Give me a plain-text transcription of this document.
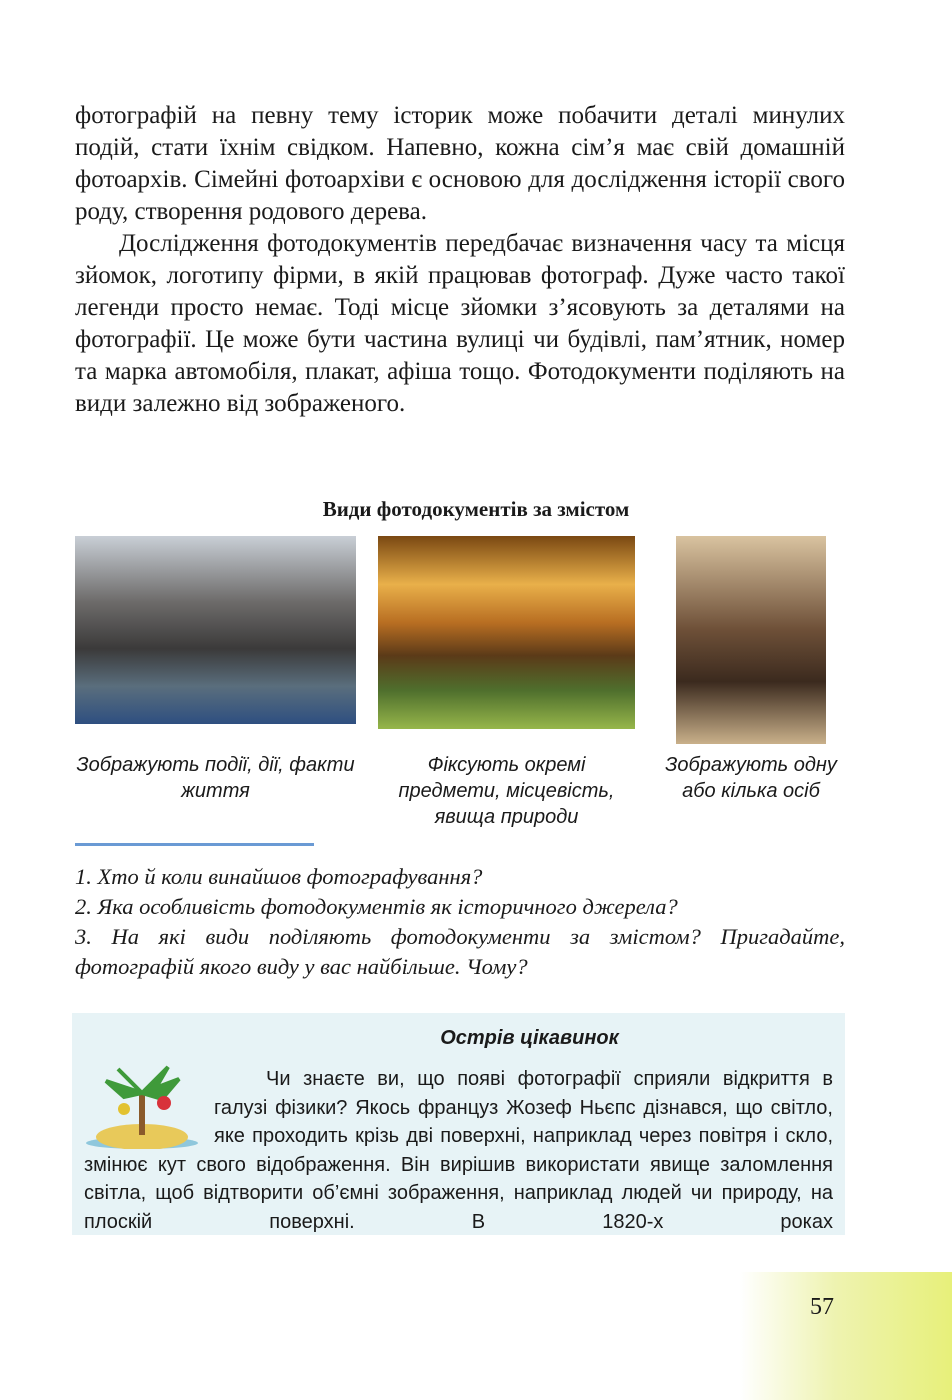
фотографій на певну тему історик може побачити деталі минулих подій, стати їхнім свідком. Напевно, кожна сім’я має свій домашній фотоархів. Сімейні фотоархіви є основою для дослідження історії свого роду, створення родового дерева.

Дослідження фотодокументів передбачає визначення часу та місця зйомок, логотипу фірми, в якій працював фотограф. Дуже часто такої легенди просто немає. Тоді місце зйомки з’ясовують за деталями на фотографії. Це може бути частина вулиці чи будівлі, пам’ятник, номер та марка автомобіля, плакат, афіша тощо. Фотодокументи поділяють на види залежно від зображеного.

Види фотодокументів за змістом
Зображують події, дії, факти життя
Фіксують окремі предмети, місцевість, явища природи
Зображують одну або кілька осіб

1. Хто й коли винайшов фотографування?

2. Яка особливість фотодокументів як історичного джерела?

3. На які види поділяють фотодокументи за змістом? Пригадайте, фотографій якого виду у вас найбільше. Чому?

Острів цікавинок
Чи знаєте ви, що появі фотографії сприяли відкриття в галузі фізики? Якось француз Жозеф Ньєпс дізнався, що світло, яке проходить крізь дві поверхні, наприклад через повітря і скло, змінює кут свого відображення. Він вирішив використати явище заломлення світла, щоб відтворити об’ємні зображення, наприклад людей чи природу, на плоскій поверхні. В 1820-х роках
57
